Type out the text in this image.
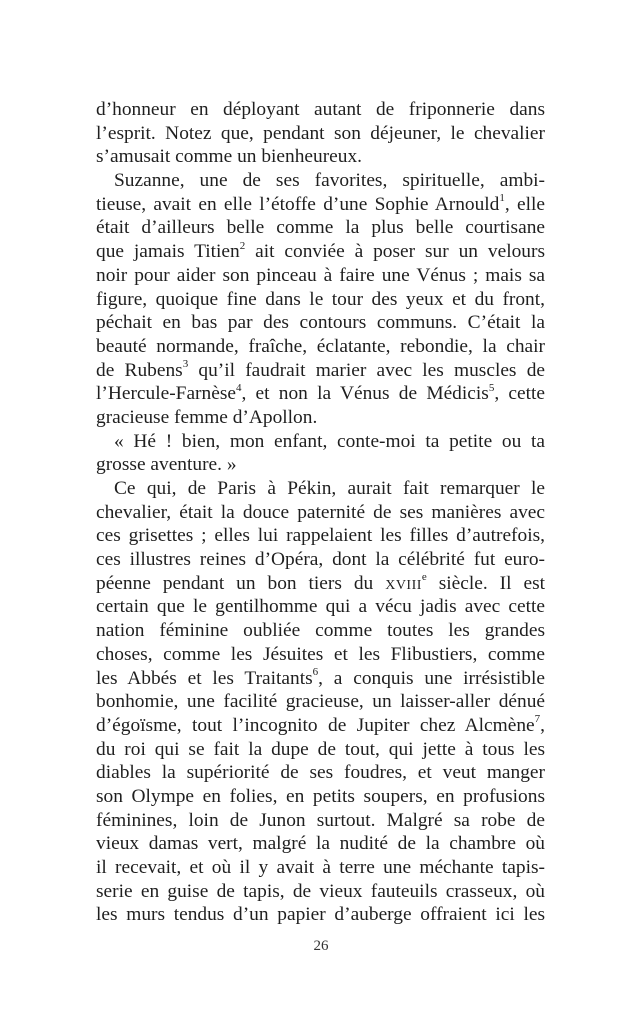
d’honneur en déployant autant de friponnerie dans
l’esprit. Notez que, pendant son déjeuner, le chevalier
s’amusait comme un bienheureux.
Suzanne, une de ses favorites, spirituelle, ambi-
tieuse, avait en elle l’étoffe d’une Sophie Arnould$^1$, elle
était d’ailleurs belle comme la plus belle courtisane
que jamais Titien$^2$ ait conviée à poser sur un velours
noir pour aider son pinceau à faire une Vénus ; mais sa
figure, quoique fine dans le tour des yeux et du front,
péchait en bas par des contours communs. C’était la
beauté normande, fraîche, éclatante, rebondie, la chair
de Rubens$^3$ qu’il faudrait marier avec les muscles de
l’Hercule-Farnèse$^4$, et non la Vénus de Médicis$^5$, cette
gracieuse femme d’Apollon.
« Hé ! bien, mon enfant, conte-moi ta petite ou ta
grosse aventure. »
Ce qui, de Paris à Pékin, aurait fait remarquer le
chevalier, était la douce paternité de ses manières avec
ces grisettes ; elles lui rappelaient les filles d’autrefois,
ces illustres reines d’Opéra, dont la célébrité fut euro-
péenne pendant un bon tiers du xviii$^e$ siècle. Il est
certain que le gentilhomme qui a vécu jadis avec cette
nation féminine oubliée comme toutes les grandes
choses, comme les Jésuites et les Flibustiers, comme
les Abbés et les Traitants$^6$, a conquis une irrésistible
bonhomie, une facilité gracieuse, un laisser-aller dénué
d’égoïsme, tout l’incognito de Jupiter chez Alcmène$^7$,
du roi qui se fait la dupe de tout, qui jette à tous les
diables la supériorité de ses foudres, et veut manger
son Olympe en folies, en petits soupers, en profusions
féminines, loin de Junon surtout. Malgré sa robe de
vieux damas vert, malgré la nudité de la chambre où
il recevait, et où il y avait à terre une méchante tapis-
serie en guise de tapis, de vieux fauteuils crasseux, où
les murs tendus d’un papier d’auberge offraient ici les
26
